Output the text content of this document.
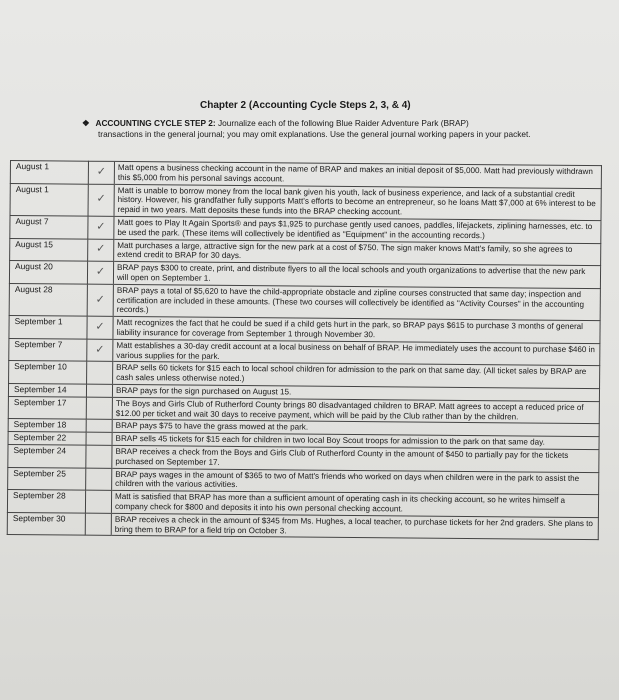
Chapter 2 (Accounting Cycle Steps 2, 3, & 4)
❖ ACCOUNTING CYCLE STEP 2: Journalize each of the following Blue Raider Adventure Park (BRAP)
transactions in the general journal; you may omit explanations. Use the general journal working papers in your packet.
August 1	✓	Matt opens a business checking account in the name of BRAP and makes an initial deposit of $5,000. Matt had previously withdrawn this $5,000 from his personal savings account.
August 1	✓	Matt is unable to borrow money from the local bank given his youth, lack of business experience, and lack of a substantial credit history. However, his grandfather fully supports Matt's efforts to become an entrepreneur, so he loans Matt $7,000 at 6% interest to be repaid in two years. Matt deposits these funds into the BRAP checking account.
August 7	✓	Matt goes to Play It Again Sports® and pays $1,925 to purchase gently used canoes, paddles, lifejackets, ziplining harnesses, etc. to be used the park. (These items will collectively be identified as "Equipment" in the accounting records.)
August 15	✓	Matt purchases a large, attractive sign for the new park at a cost of $750. The sign maker knows Matt's family, so she agrees to extend credit to BRAP for 30 days.
August 20	✓	BRAP pays $300 to create, print, and distribute flyers to all the local schools and youth organizations to advertise that the new park will open on September 1.
August 28	✓	BRAP pays a total of $5,620 to have the child-appropriate obstacle and zipline courses constructed that same day; inspection and certification are included in these amounts. (These two courses will collectively be identified as "Activity Courses" in the accounting records.)
September 1	✓	Matt recognizes the fact that he could be sued if a child gets hurt in the park, so BRAP pays $615 to purchase 3 months of general liability insurance for coverage from September 1 through November 30.
September 7	✓	Matt establishes a 30-day credit account at a local business on behalf of BRAP. He immediately uses the account to purchase $460 in various supplies for the park.
September 10		BRAP sells 60 tickets for $15 each to local school children for admission to the park on that same day. (All ticket sales by BRAP are cash sales unless otherwise noted.)
September 14		BRAP pays for the sign purchased on August 15.
September 17		The Boys and Girls Club of Rutherford County brings 80 disadvantaged children to BRAP. Matt agrees to accept a reduced price of $12.00 per ticket and wait 30 days to receive payment, which will be paid by the Club rather than by the children.
September 18		BRAP pays $75 to have the grass mowed at the park.
September 22		BRAP sells 45 tickets for $15 each for children in two local Boy Scout troops for admission to the park on that same day.
September 24		BRAP receives a check from the Boys and Girls Club of Rutherford County in the amount of $450 to partially pay for the tickets purchased on September 17.
September 25		BRAP pays wages in the amount of $365 to two of Matt's friends who worked on days when children were in the park to assist the children with the various activities.
September 28		Matt is satisfied that BRAP has more than a sufficient amount of operating cash in its checking account, so he writes himself a company check for $800 and deposits it into his own personal checking account.
September 30		BRAP receives a check in the amount of $345 from Ms. Hughes, a local teacher, to purchase tickets for her 2nd graders. She plans to bring them to BRAP for a field trip on October 3.
